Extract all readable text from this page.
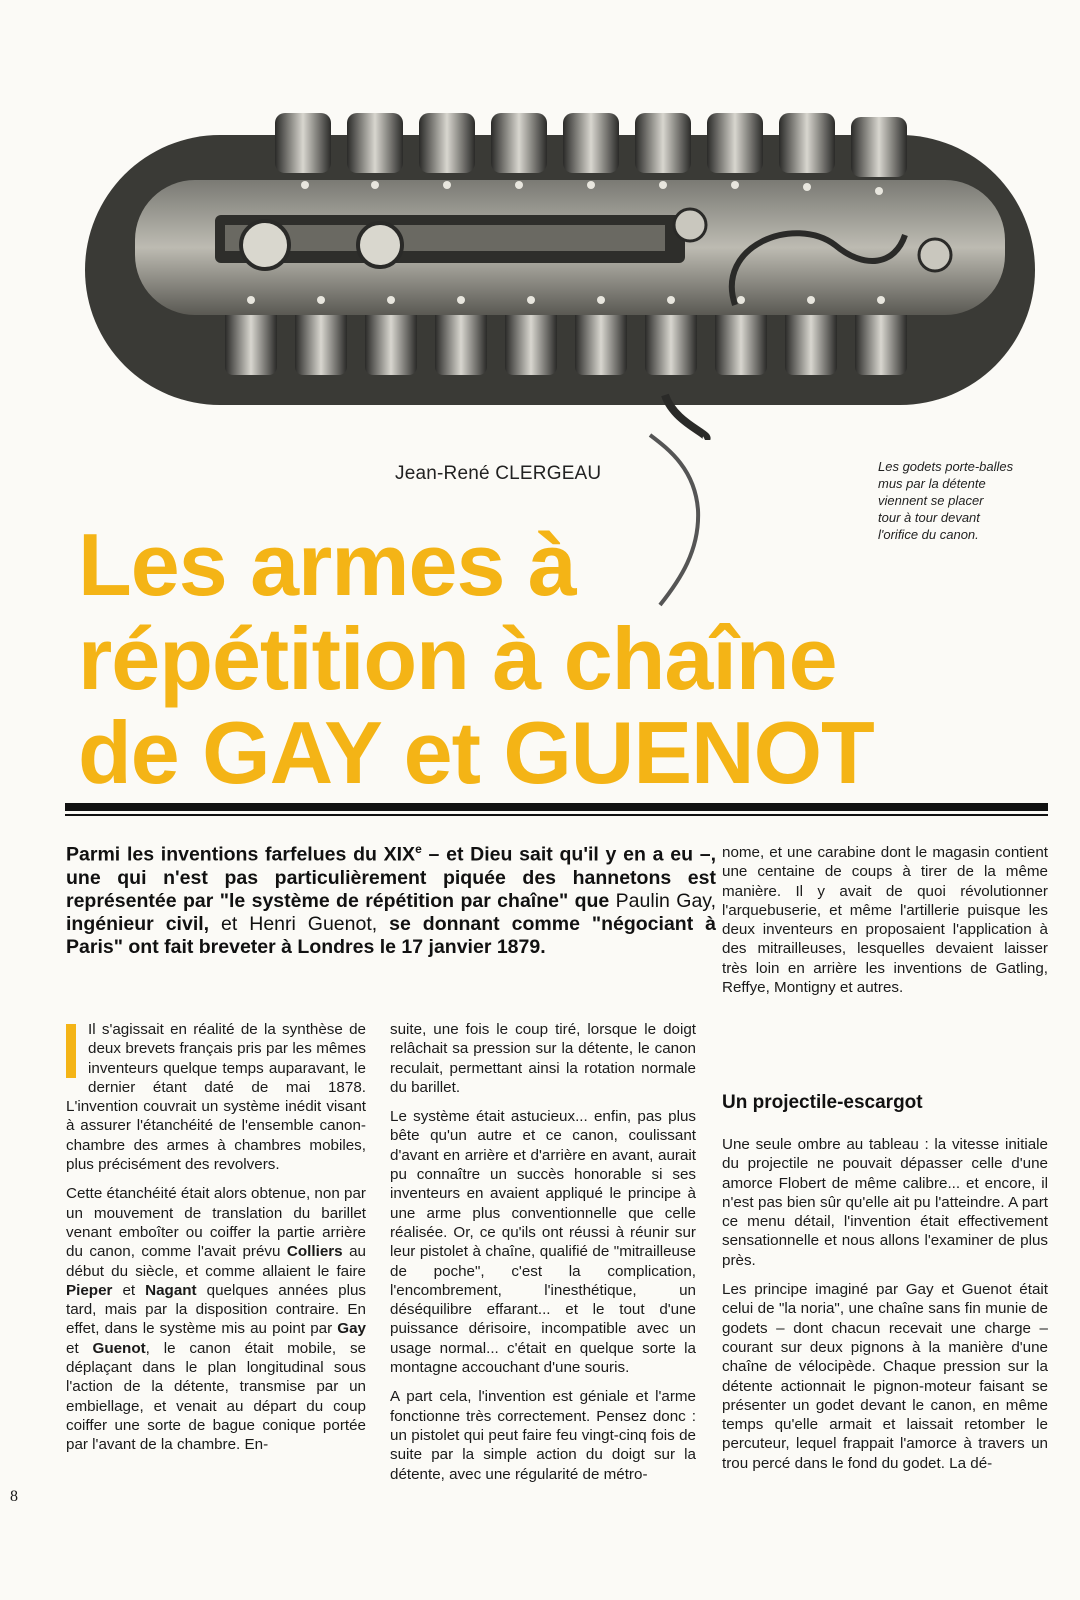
Jean-René CLERGEAU	Les godets porte-balles
mus par la détente
viennent se placer
tour à tour devant
l'orifice du canon.
Les armes à
répétition à chaîne
de GAY et GUENOT
Parmi les inventions farfelues du XIXe – et Dieu sait qu'il y en a eu –, une qui n'est pas particulièrement piquée des hannetons est représentée par "le système de répétition par chaîne" que Paulin Gay, ingénieur civil, et Henri Guenot, se donnant comme "négociant à Paris" ont fait breveter à Londres le 17 janvier 1879.

Il s'agissait en réalité de la synthèse de deux brevets français pris par les mêmes inventeurs quelque temps auparavant, le dernier étant daté de mai 1878. L'invention couvrait un système inédit visant à assurer l'étanchéité de l'ensemble canon-chambre des armes à chambres mobiles, plus précisément des revolvers.

Cette étanchéité était alors obtenue, non par un mouvement de translation du barillet venant emboîter ou coiffer la partie arrière du canon, comme l'avait prévu Colliers au début du siècle, et comme allaient le faire Pieper et Nagant quelques années plus tard, mais par la disposition contraire. En effet, dans le système mis au point par Gay et Guenot, le canon était mobile, se déplaçant dans le plan longitudinal sous l'action de la détente, transmise par un embiellage, et venait au départ du coup coiffer une sorte de bague conique portée par l'avant de la chambre. En-

suite, une fois le coup tiré, lorsque le doigt relâchait sa pression sur la détente, le canon reculait, permettant ainsi la rotation normale du barillet.

Le système était astucieux... enfin, pas plus bête qu'un autre et ce canon, coulissant d'avant en arrière et d'arrière en avant, aurait pu connaître un succès honorable si ses inventeurs en avaient appliqué le principe à une arme plus conventionnelle que celle réalisée. Or, ce qu'ils ont réussi à réunir sur leur pistolet à chaîne, qualifié de "mitrailleuse de poche", c'est la complication, l'encombrement, l'inesthétique, un déséquilibre effarant... et le tout d'une puissance dérisoire, incompatible avec un usage normal... c'était en quelque sorte la montagne accouchant d'une souris.

A part cela, l'invention est géniale et l'arme fonctionne très correctement. Pensez donc : un pistolet qui peut faire feu vingt-cinq fois de suite par la simple action du doigt sur la détente, avec une régularité de métro-

nome, et une carabine dont le magasin contient une centaine de coups à tirer de la même manière. Il y avait de quoi révolutionner l'arquebuserie, et même l'artillerie puisque les deux inventeurs en proposaient l'application à des mitrailleuses, lesquelles devaient laisser très loin en arrière les inventions de Gatling, Reffye, Montigny et autres.

Un projectile-escargot

Une seule ombre au tableau : la vitesse initiale du projectile ne pouvait dépasser celle d'une amorce Flobert de même calibre... et encore, il n'est pas bien sûr qu'elle ait pu l'atteindre. A part ce menu détail, l'invention était effectivement sensationnelle et nous allons l'examiner de plus près.

Les principe imaginé par Gay et Guenot était celui de "la noria", une chaîne sans fin munie de godets – dont chacun recevait une charge – courant sur deux pignons à la manière d'une chaîne de vélocipède. Chaque pression sur la détente actionnait le pignon-moteur faisant se présenter un godet devant le canon, en même temps qu'elle armait et laissait retomber le percuteur, lequel frappait l'amorce à travers un trou percé dans le fond du godet. La dé-

8
